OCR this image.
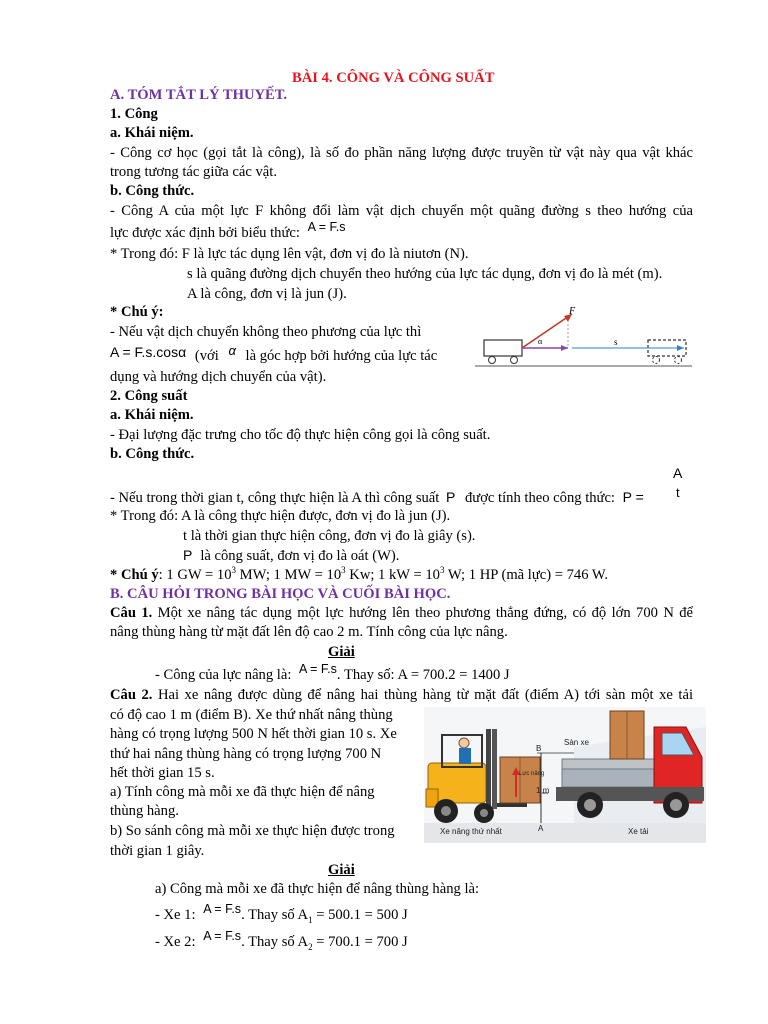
BÀI 4. CÔNG VÀ CÔNG SUẤT
A. TÓM TẮT LÝ THUYẾT.
1. Công
a. Khái niệm.
- Công cơ học (gọi tắt là công), là số đo phần năng lượng được truyền từ vật này qua vật khác
trong tương tác giữa các vật.
b. Công thức.
- Công A của một lực F không đổi làm vật dịch chuyển một quãng đường s theo hướng của
lực được xác định bởi biểu thức: A = F.s
* Trong đó: F là lực tác dụng lên vật, đơn vị đo là niutơn (N).
s là quãng đường dịch chuyển theo hướng của lực tác dụng, đơn vị đo là mét (m).
A là công, đơn vị là jun (J).
* Chú ý:
- Nếu vật dịch chuyển không theo phương của lực thì
A = F.s.cosα (với α là góc hợp bởi hướng của lực tác
dụng và hướng dịch chuyển của vật).
F
α	s
2. Công suất
a. Khái niệm.
- Đại lượng đặc trưng cho tốc độ thực hiện công gọi là công suất.
b. Công thức.
A
- Nếu trong thời gian t, công thực hiện là A thì công suất P được tính theo công thức: P = t
* Trong đó: A là công thực hiện được, đơn vị đo là jun (J).
t là thời gian thực hiện công, đơn vị đo là giây (s).
P là công suất, đơn vị đo là oát (W).
* Chú ý: 1 GW = $10^3$ MW; 1 MW = $10^3$ Kw; 1 kW = $10^3$ W; 1 HP (mã lực) = 746 W.
B. CÂU HỎI TRONG BÀI HỌC VÀ CUỐI BÀI HỌC.
Câu 1. Một xe nâng tác dụng một lực hướng lên theo phương thẳng đứng, có độ lớn 700 N để
nâng thùng hàng từ mặt đất lên độ cao 2 m. Tính công của lực nâng.
Giải
- Công của lực nâng là: A = F.s. Thay số: A = 700.2 = 1400 J
Câu 2. Hai xe nâng được dùng để nâng hai thùng hàng từ mặt đất (điểm A) tới sàn một xe tải
có độ cao 1 m (điểm B). Xe thứ nhất nâng thùng
hàng có trọng lượng 500 N hết thời gian 10 s. Xe
thứ hai nâng thùng hàng có trọng lượng 700 N
hết thời gian 15 s.
a) Tính công mà mỗi xe đã thực hiện để nâng
thùng hàng.
b) So sánh công mà mỗi xe thực hiện được trong
thời gian 1 giây.
Sàn xe
B
Lực nâng
1 m
A
Xe nâng thứ nhất	Xe tải
Giải
a) Công mà mỗi xe đã thực hiện để nâng thùng hàng là:
- Xe 1: A = F.s. Thay số $A_1 = 500.1 = 500$ J
- Xe 2: A = F.s. Thay số $A_2 = 700.1 = 700$ J
